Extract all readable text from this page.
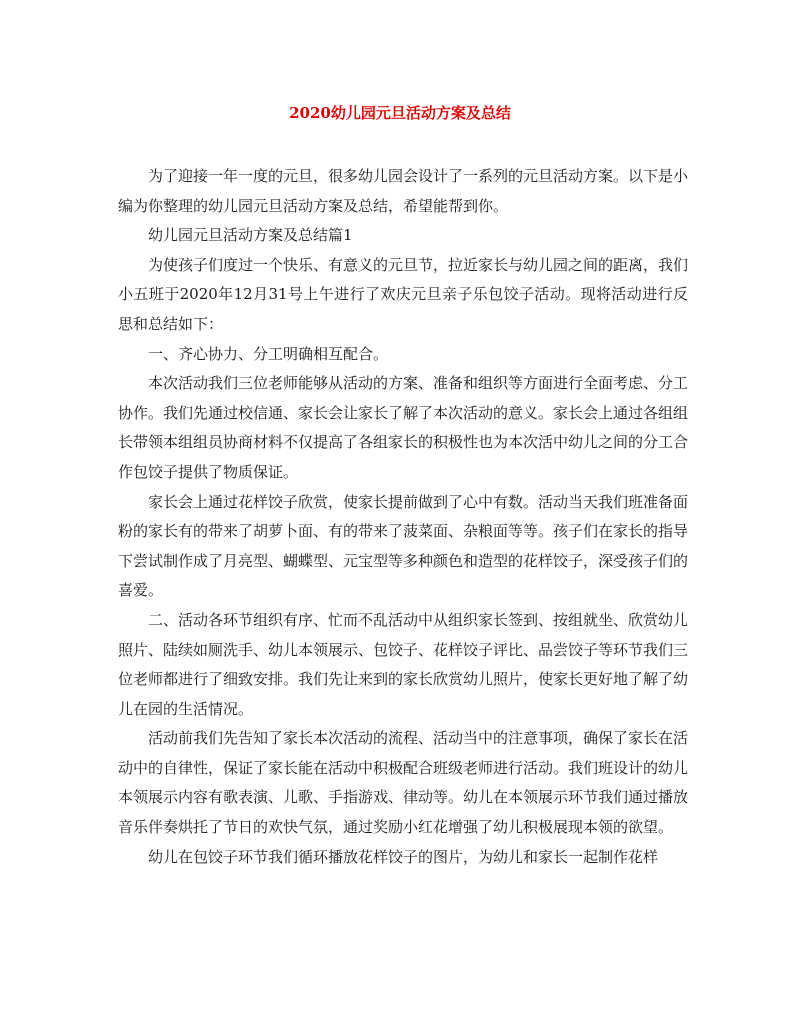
2020幼儿园元旦活动方案及总结

为了迎接一年一度的元旦，很多幼儿园会设计了一系列的元旦活动方案。以下是小编为你整理的幼儿园元旦活动方案及总结，希望能帮到你。

幼儿园元旦活动方案及总结篇1

为使孩子们度过一个快乐、有意义的元旦节，拉近家长与幼儿园之间的距离，我们小五班于2020年12月31号上午进行了欢庆元旦亲子乐包饺子活动。现将活动进行反思和总结如下：

一、齐心协力、分工明确相互配合。

本次活动我们三位老师能够从活动的方案、准备和组织等方面进行全面考虑、分工协作。我们先通过校信通、家长会让家长了解了本次活动的意义。家长会上通过各组组长带领本组组员协商材料不仅提高了各组家长的积极性也为本次活中幼儿之间的分工合作包饺子提供了物质保证。

家长会上通过花样饺子欣赏，使家长提前做到了心中有数。活动当天我们班准备面粉的家长有的带来了胡萝卜面、有的带来了菠菜面、杂粮面等等。孩子们在家长的指导下尝试制作成了月亮型、蝴蝶型、元宝型等多种颜色和造型的花样饺子，深受孩子们的喜爱。

二、活动各环节组织有序、忙而不乱活动中从组织家长签到、按组就坐、欣赏幼儿照片、陆续如厕洗手、幼儿本领展示、包饺子、花样饺子评比、品尝饺子等环节我们三位老师都进行了细致安排。我们先让来到的家长欣赏幼儿照片，使家长更好地了解了幼儿在园的生活情况。

活动前我们先告知了家长本次活动的流程、活动当中的注意事项，确保了家长在活动中的自律性，保证了家长能在活动中积极配合班级老师进行活动。我们班设计的幼儿本领展示内容有歌表演、儿歌、手指游戏、律动等。幼儿在本领展示环节我们通过播放音乐伴奏烘托了节日的欢快气氛，通过奖励小红花增强了幼儿积极展现本领的欲望。

幼儿在包饺子环节我们循环播放花样饺子的图片，为幼儿和家长一起制作花样
